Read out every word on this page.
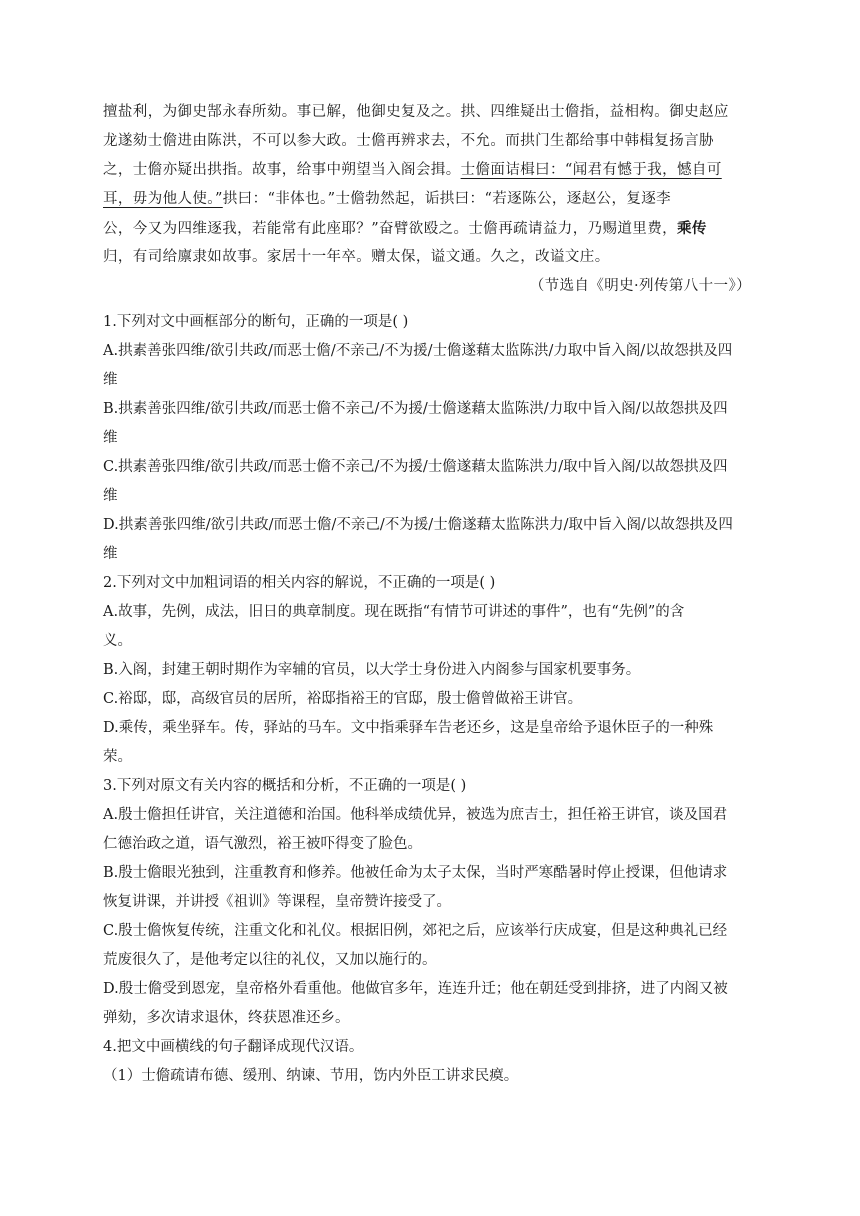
擅盐利，为御史郜永春所劾。事已解，他御史复及之。拱、四维疑出士儋指，益相构。御史赵应
龙遂劾士儋进由陈洪，不可以参大政。士儋再辨求去，不允。而拱门生都给事中韩楫复扬言胁
之，士儋亦疑出拱指。故事，给事中朔望当入阁会揖。士儋面诘楫曰：“闻君有憾于我，憾自可
耳，毋为他人使。”拱曰：“非体也。”士儋勃然起，诟拱曰：“若逐陈公，逐赵公，复逐李
公，今又为四维逐我，若能常有此座耶？”奋臂欲殴之。士儋再疏请益力，乃赐道里费，乘传
归，有司给廪隶如故事。家居十一年卒。赠太保，谥文通。久之，改谥文庄。
（节选自《明史·列传第八十一》）
1.下列对文中画框部分的断句，正确的一项是( )
A.拱素善张四维/欲引共政/而恶士儋/不亲己/不为援/士儋遂藉太监陈洪/力取中旨入阁/以故怨拱及四
维
B.拱素善张四维/欲引共政/而恶士儋不亲己/不为援/士儋遂藉太监陈洪/力取中旨入阁/以故怨拱及四
维
C.拱素善张四维/欲引共政/而恶士儋不亲己/不为援/士儋遂藉太监陈洪力/取中旨入阁/以故怨拱及四
维
D.拱素善张四维/欲引共政/而恶士儋/不亲己/不为援/士儋遂藉太监陈洪力/取中旨入阁/以故怨拱及四
维
2.下列对文中加粗词语的相关内容的解说，不正确的一项是( )
A.故事，先例，成法，旧日的典章制度。现在既指“有情节可讲述的事件”，也有“先例”的含
义。
B.入阁，封建王朝时期作为宰辅的官员，以大学士身份进入内阁参与国家机要事务。
C.裕邸，邸，高级官员的居所，裕邸指裕王的官邸，殷士儋曾做裕王讲官。
D.乘传，乘坐驿车。传，驿站的马车。文中指乘驿车告老还乡，这是皇帝给予退休臣子的一种殊
荣。
3.下列对原文有关内容的概括和分析，不正确的一项是( )
A.殷士儋担任讲官，关注道德和治国。他科举成绩优异，被选为庶吉士，担任裕王讲官，谈及国君
仁德治政之道，语气激烈，裕王被吓得变了脸色。
B.殷士儋眼光独到，注重教育和修养。他被任命为太子太保，当时严寒酷暑时停止授课，但他请求
恢复讲课，并讲授《祖训》等课程，皇帝赞许接受了。
C.殷士儋恢复传统，注重文化和礼仪。根据旧例，郊祀之后，应该举行庆成宴，但是这种典礼已经
荒废很久了，是他考定以往的礼仪，又加以施行的。
D.殷士儋受到恩宠，皇帝格外看重他。他做官多年，连连升迁；他在朝廷受到排挤，进了内阁又被
弹劾，多次请求退休，终获恩准还乡。
4.把文中画横线的句子翻译成现代汉语。
（1）士儋疏请布德、缓刑、纳谏、节用，饬内外臣工讲求民瘼。
